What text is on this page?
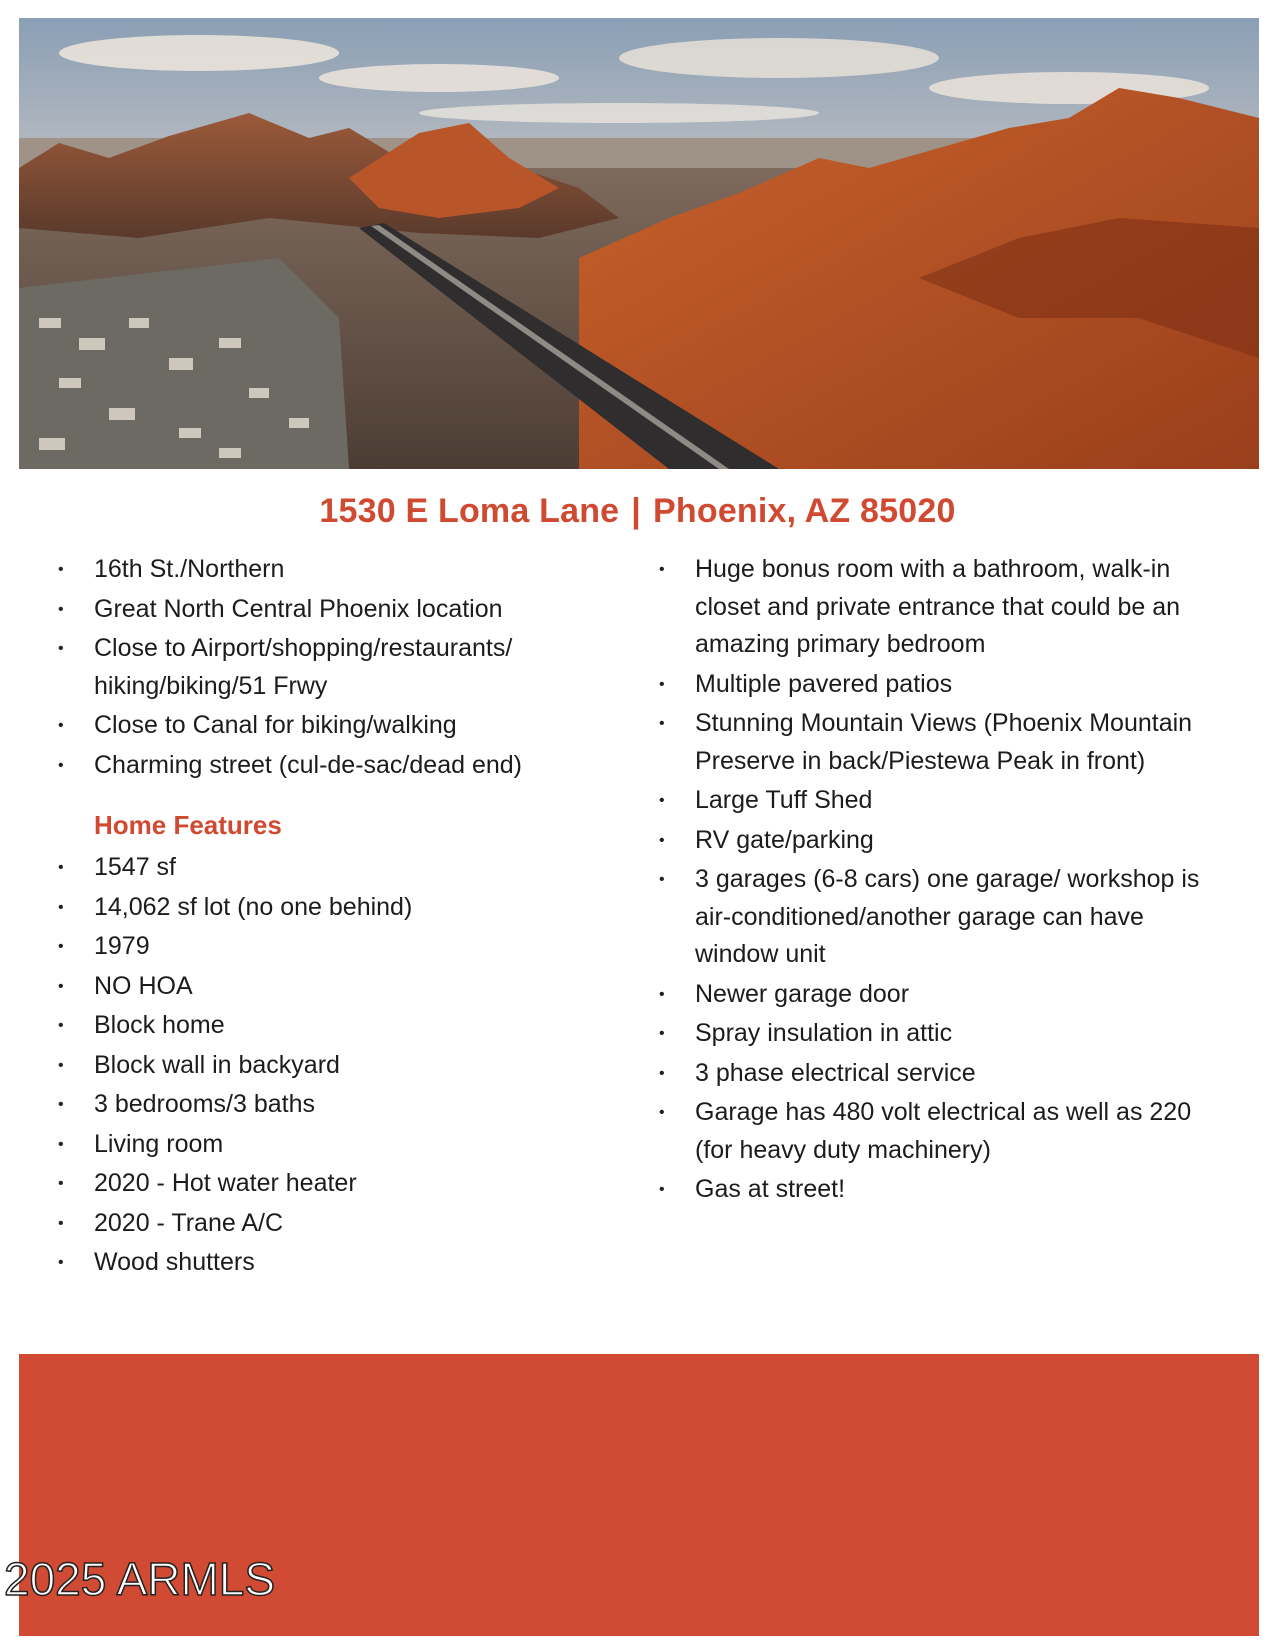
1530 E Loma Lane | Phoenix, AZ 85020
• 16th St./Northern
• Great North Central Phoenix location
• Close to Airport/shopping/restaurants/ hiking/biking/51 Frwy
• Close to Canal for biking/walking
• Charming street (cul-de-sac/dead end)
Home Features
• 1547 sf
• 14,062 sf lot (no one behind)
• 1979
• NO HOA
• Block home
• Block wall in backyard
• 3 bedrooms/3 baths
• Living room
• 2020 - Hot water heater
• 2020 - Trane A/C
• Wood shutters
• Huge bonus room with a bathroom, walk-in closet and private entrance that could be an amazing primary bedroom
• Multiple pavered patios
• Stunning Mountain Views (Phoenix Mountain Preserve in back/Piestewa Peak in front)
• Large Tuff Shed
• RV gate/parking
• 3 garages (6-8 cars) one garage/ workshop is air-conditioned/another garage can have window unit
• Newer garage door
• Spray insulation in attic
• 3 phase electrical service
• Garage has 480 volt electrical as well as 220 (for heavy duty machinery)
• Gas at street!
2025 ARMLS
